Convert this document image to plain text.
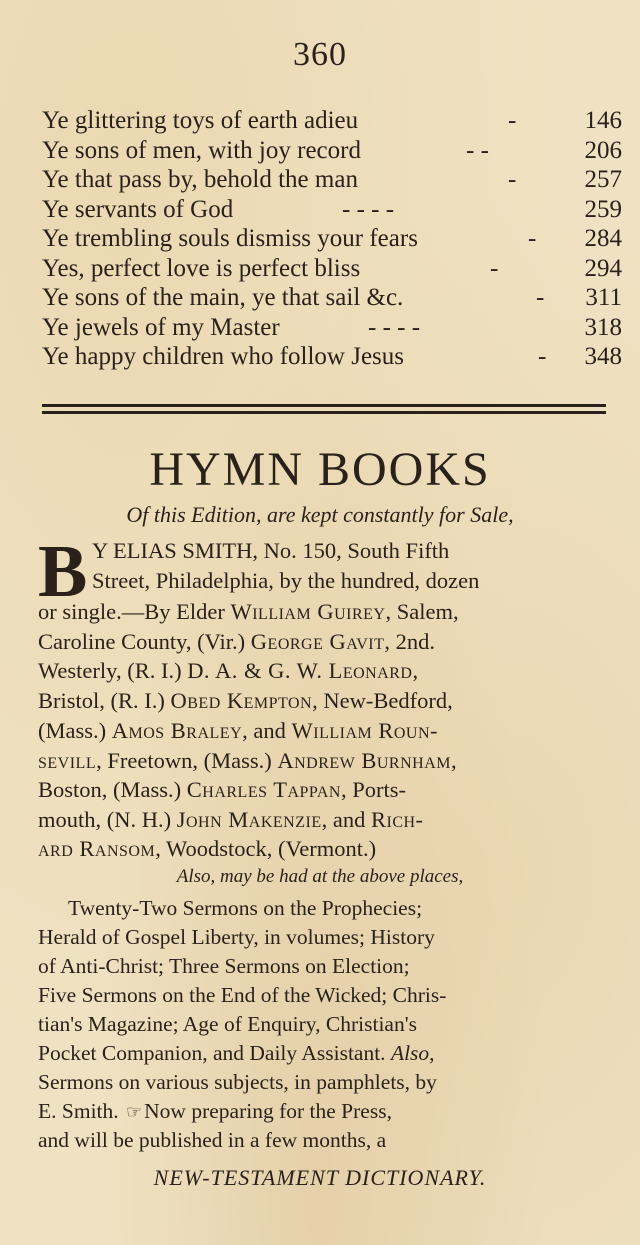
360
Ye glittering toys of earth adieu	-	146
Ye sons of men, with joy record	- -	206
Ye that pass by, behold the man	-	257
Ye servants of God	- - - -	259
Ye trembling souls dismiss your fears	- 284
Yes, perfect love is perfect bliss	-	294
Ye sons of the main, ye that sail &c.	- 311
Ye jewels of my Master	- - - -	318
Ye happy children who follow Jesus	- 348
HYMN BOOKS
Of this Edition, are kept constantly for Sale,
B Y ELIAS SMITH, No. 150, South Fifth
Street, Philadelphia, by the hundred, dozen
or single.—By Elder William Guirey, Salem,
Caroline County, (Vir.) George Gavit, 2nd.
Westerly, (R. I.) D. A. & G. W. Leonard,
Bristol, (R. I.) Obed Kempton, New-Bedford,
(Mass.) Amos Braley, and William Roun-
sevill, Freetown, (Mass.) Andrew Burnham,
Boston, (Mass.) Charles Tappan, Ports-
mouth, (N. H.) John Makenzie, and Rich-
ard Ransom, Woodstock, (Vermont.)
Also, may be had at the above places,
Twenty-Two Sermons on the Prophecies;
Herald of Gospel Liberty, in volumes; History
of Anti-Christ; Three Sermons on Election;
Five Sermons on the End of the Wicked; Chris-
tian's Magazine; Age of Enquiry, Christian's
Pocket Companion, and Daily Assistant. Also,
Sermons on various subjects, in pamphlets, by
E. Smith. ☞Now preparing for the Press,
and will be published in a few months, a
NEW-TESTAMENT DICTIONARY.
